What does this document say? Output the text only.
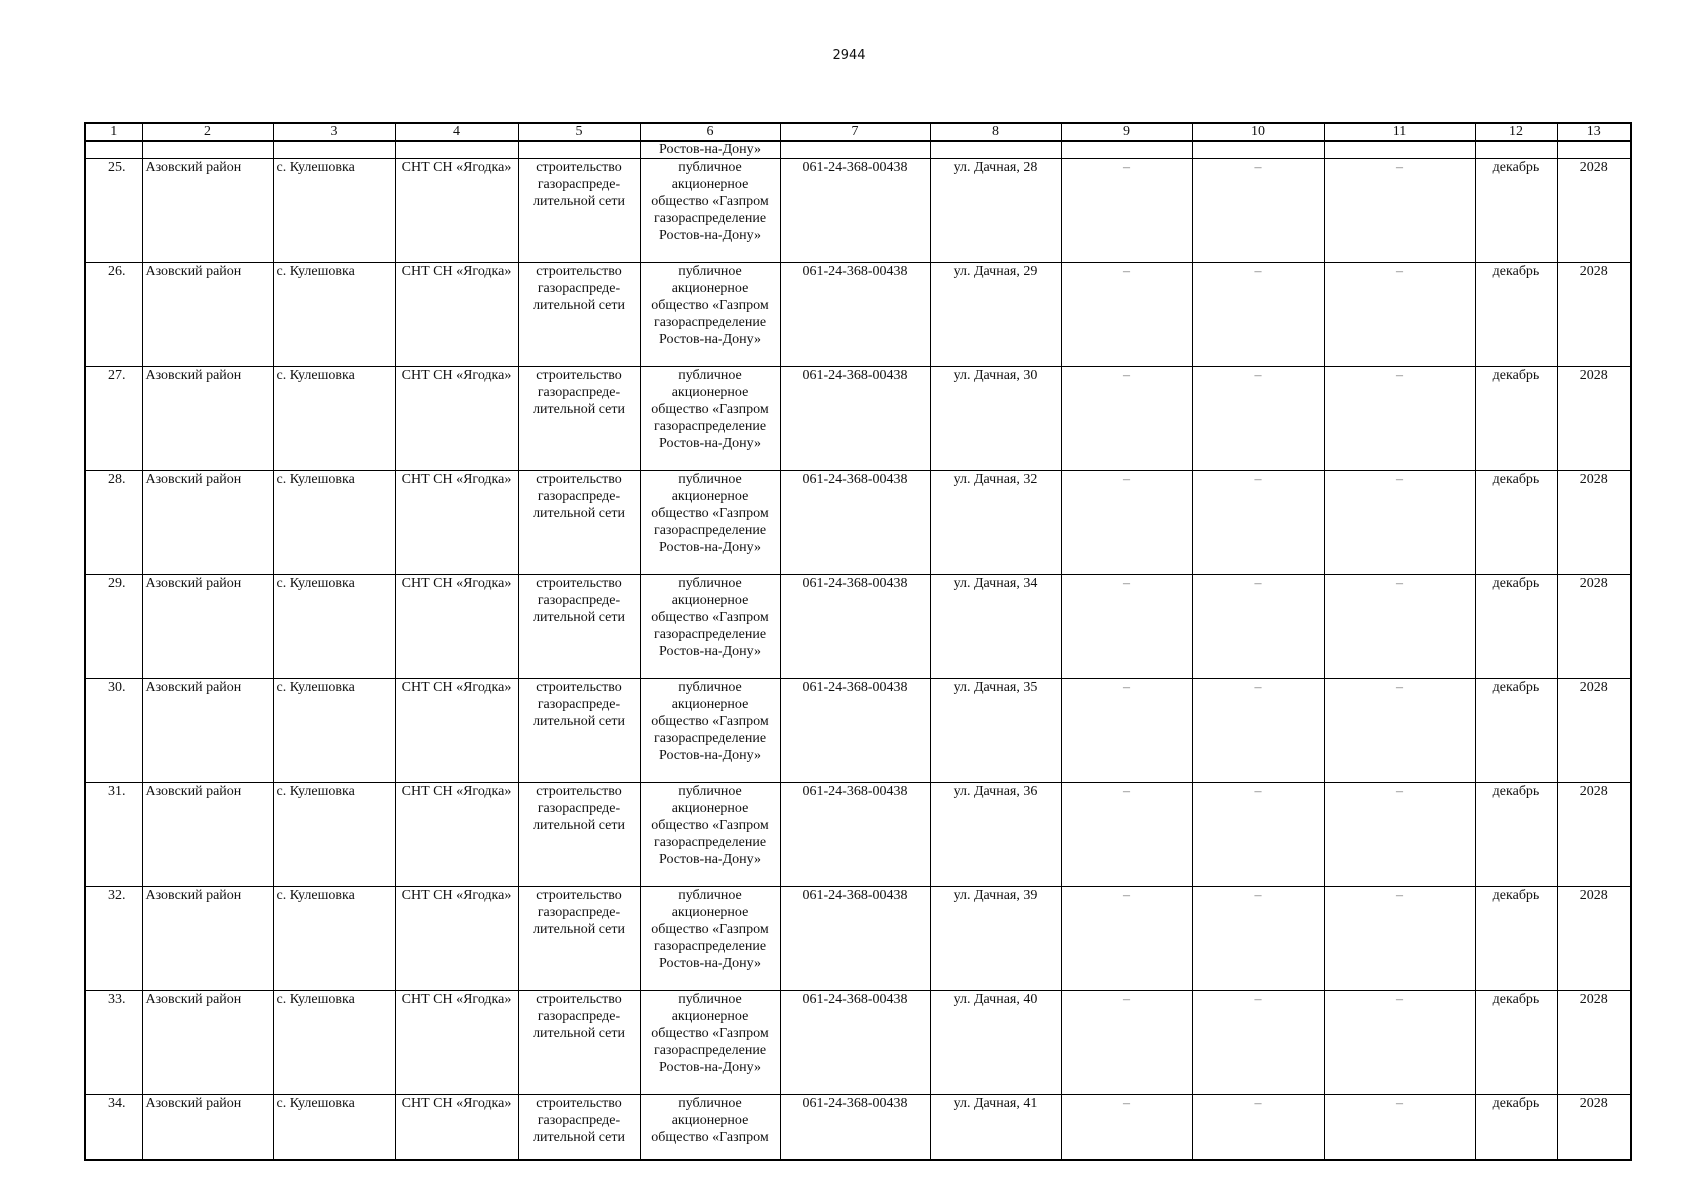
2944
1	2	3	4	5	6	7	8	9	10	11	12	13
					Ростов-на-Дону»							
25.	Азовский район	с. Кулешовка	СНТ СН «Ягодка»	строительство газораспреде-лительной сети	публичное акционерное общество «Газпром газораспределение Ростов-на-Дону»	061-24-368-00438	ул. Дачная, 28	–	–	–	декабрь	2028
26.	Азовский район	с. Кулешовка	СНТ СН «Ягодка»	строительство газораспреде-лительной сети	публичное акционерное общество «Газпром газораспределение Ростов-на-Дону»	061-24-368-00438	ул. Дачная, 29	–	–	–	декабрь	2028
27.	Азовский район	с. Кулешовка	СНТ СН «Ягодка»	строительство газораспреде-лительной сети	публичное акционерное общество «Газпром газораспределение Ростов-на-Дону»	061-24-368-00438	ул. Дачная, 30	–	–	–	декабрь	2028
28.	Азовский район	с. Кулешовка	СНТ СН «Ягодка»	строительство газораспреде-лительной сети	публичное акционерное общество «Газпром газораспределение Ростов-на-Дону»	061-24-368-00438	ул. Дачная, 32	–	–	–	декабрь	2028
29.	Азовский район	с. Кулешовка	СНТ СН «Ягодка»	строительство газораспреде-лительной сети	публичное акционерное общество «Газпром газораспределение Ростов-на-Дону»	061-24-368-00438	ул. Дачная, 34	–	–	–	декабрь	2028
30.	Азовский район	с. Кулешовка	СНТ СН «Ягодка»	строительство газораспреде-лительной сети	публичное акционерное общество «Газпром газораспределение Ростов-на-Дону»	061-24-368-00438	ул. Дачная, 35	–	–	–	декабрь	2028
31.	Азовский район	с. Кулешовка	СНТ СН «Ягодка»	строительство газораспреде-лительной сети	публичное акционерное общество «Газпром газораспределение Ростов-на-Дону»	061-24-368-00438	ул. Дачная, 36	–	–	–	декабрь	2028
32.	Азовский район	с. Кулешовка	СНТ СН «Ягодка»	строительство газораспреде-лительной сети	публичное акционерное общество «Газпром газораспределение Ростов-на-Дону»	061-24-368-00438	ул. Дачная, 39	–	–	–	декабрь	2028
33.	Азовский район	с. Кулешовка	СНТ СН «Ягодка»	строительство газораспреде-лительной сети	публичное акционерное общество «Газпром газораспределение Ростов-на-Дону»	061-24-368-00438	ул. Дачная, 40	–	–	–	декабрь	2028
34.	Азовский район	с. Кулешовка	СНТ СН «Ягодка»	строительство газораспреде-лительной сети	публичное акционерное общество «Газпром	061-24-368-00438	ул. Дачная, 41	–	–	–	декабрь	2028
